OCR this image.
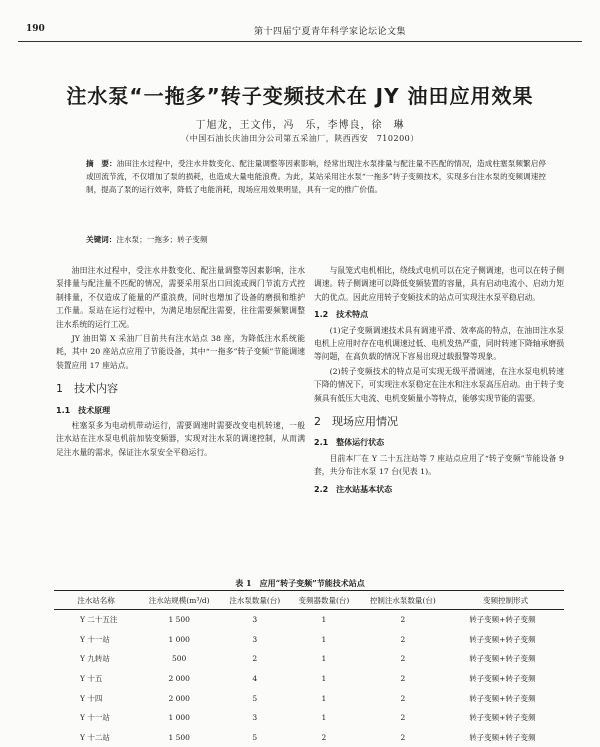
190	第十四届宁夏青年科学家论坛论文集
注水泵“一拖多”转子变频技术在 JY 油田应用效果
丁旭龙，王文伟，冯　乐，李博良，徐　琳
（中国石油长庆油田分公司第五采油厂，陕西西安　710200）
摘　要：油田注水过程中，受注水井数变化、配注量调整等因素影响，经常出现注水泵排量与配注量不匹配的情况，造成柱塞泵频繁启停或回流节流，不仅增加了泵的损耗，也造成大量电能浪费。为此，某站采用注水泵“一拖多”转子变频技术，实现多台注水泵的变频调速控制，提高了泵的运行效率，降低了电能消耗，现场应用效果明显，具有一定的推广价值。
关键词：注水泵；一拖多；转子变频

油田注水过程中，受注水井数变化、配注量调整等因素影响，注水泵排量与配注量不匹配的情况，需要采用泵出口回流或阀门节流方式控制排量，不仅造成了能量的严重浪费，同时也增加了设备的磨损和维护工作量。泵站在运行过程中，为满足地层配注需要，往往需要频繁调整注水系统的运行工况。

JY 油田第 X 采油厂目前共有注水站点 38 座，为降低注水系统能耗，其中 20 座站点应用了节能设备，其中“一拖多”转子变频”节能调速装置应用 17 座站点。

1　技术内容
1.1　技术原理

柱塞泵多为电动机带动运行，需要调速时需要改变电机转速，一般注水站在注水泵电机前加装变频器，实现对注水泵的调速控制，从而满足注水量的需求，保证注水泵安全平稳运行。

与鼠笼式电机相比，绕线式电机可以在定子侧调速，也可以在转子侧调速。转子侧调速可以降低变频装置的容量，具有启动电流小、启动力矩大的优点。因此应用转子变频技术的站点可实现注水泵平稳启动。

1.2　技术特点

(1)定子变频调速技术具有调速平滑、效率高的特点，在油田注水泵电机上应用时存在电机调速过低、电机发热严重，同时转速下降轴承磨损等问题，在高负载的情况下容易出现过载报警等现象。

(2)转子变频技术的特点是可实现无级平滑调速，在注水泵电机转速下降的情况下，可实现注水泵稳定在注水和注水泵高压启动。由于转子变频具有低压大电流、电机变频量小等特点，能够实现节能的需要。

2　现场应用情况
2.1　整体运行状态

目前本厂在 Y 二十五注站等 7 座站点应用了“转子变频”节能设备 9 套，共分布注水泵 17 台(见表 1)。

2.2　注水站基本状态
表 1　应用“转子变频”节能技术站点
注水站名称	注水站规模(m³/d)	注水泵数量(台)	变频器数量(台)	控制注水泵数量(台)	变频控制形式
Y 二十五注	1 500	3	1	2	转子变频+转子变频
Y 十一站	1 000	3	1	2	转子变频+转子变频
Y 九转站	500	2	1	2	转子变频+转子变频
Y 十五	2 000	4	1	2	转子变频+转子变频
Y 十四	2 000	5	1	2	转子变频+转子变频
Y 十一站	1 000	3	1	2	转子变频+转子变频
Y 十二站	1 500	5	2	2	转子变频+转子变频
